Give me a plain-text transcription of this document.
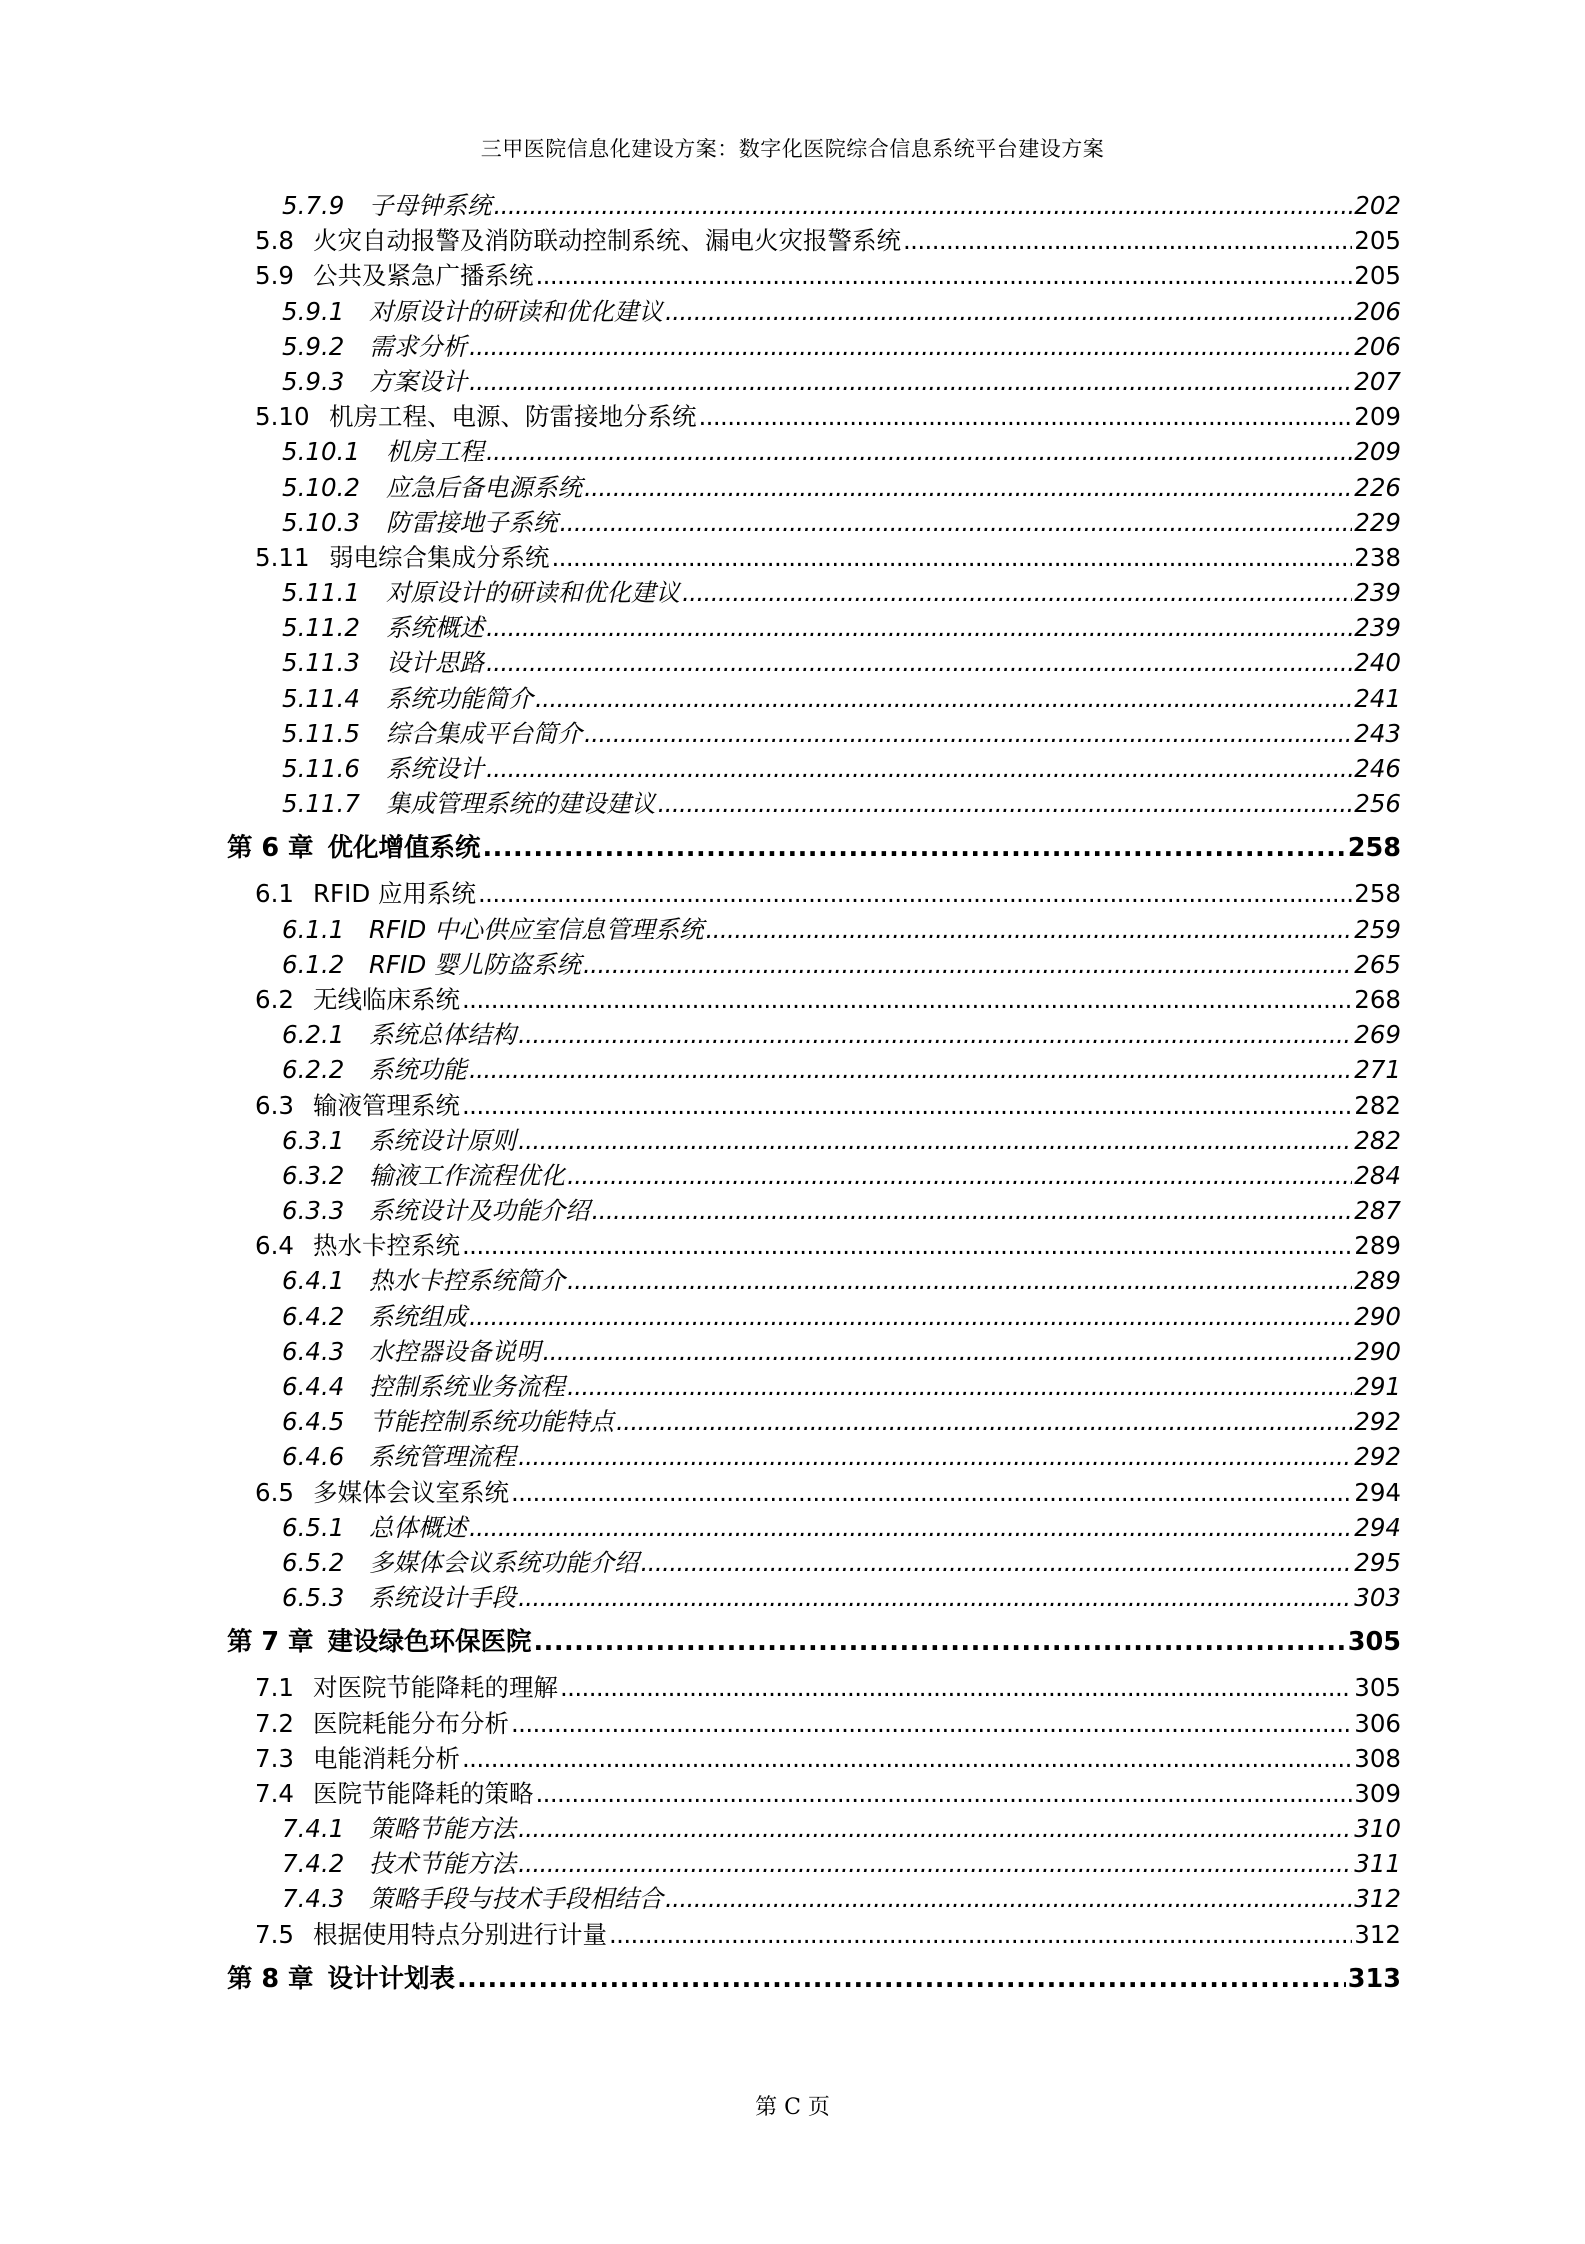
三甲医院信息化建设方案：数字化医院综合信息系统平台建设方案
5.7.9	子母钟系统 . . .	202
5.8 火灾自动报警及消防联动控制系统、漏电火灾报警系统 . . .	205
5.9 公共及紧急广播系统 . . .	205
5.9.1	对原设计的研读和优化建议 . . .	206
5.9.2	需求分析 . . .	206
5.9.3	方案设计 . . .	207
5.10 机房工程、电源、防雷接地分系统 . . .	209
5.10.1	机房工程 . . .	209
5.10.2	应急后备电源系统 . . .	226
5.10.3	防雷接地子系统 . . .	229
5.11 弱电综合集成分系统 . . .	238
5.11.1	对原设计的研读和优化建议 . . .	239
5.11.2	系统概述 . . .	239
5.11.3	设计思路 . . .	240
5.11.4	系统功能简介 . . .	241
5.11.5	综合集成平台简介 . . .	243
5.11.6	系统设计 . . .	246
5.11.7	集成管理系统的建设建议 . . .	256
第 6 章 优化增值系统 . . .	258
6.1 RFID 应用系统 . . .	258
6.1.1	RFID 中心供应室信息管理系统 . . .	259
6.1.2	RFID 婴儿防盗系统 . . .	265
6.2 无线临床系统 . . .	268
6.2.1	系统总体结构 . . .	269
6.2.2	系统功能 . . .	271
6.3 输液管理系统 . . .	282
6.3.1	系统设计原则 . . .	282
6.3.2	输液工作流程优化 . . .	284
6.3.3	系统设计及功能介绍 . . .	287
6.4 热水卡控系统 . . .	289
6.4.1	热水卡控系统简介 . . .	289
6.4.2	系统组成 . . .	290
6.4.3	水控器设备说明 . . .	290
6.4.4	控制系统业务流程 . . .	291
6.4.5	节能控制系统功能特点 . . .	292
6.4.6	系统管理流程 . . .	292
6.5 多媒体会议室系统 . . .	294
6.5.1	总体概述 . . .	294
6.5.2	多媒体会议系统功能介绍 . . .	295
6.5.3	系统设计手段 . . .	303
第 7 章 建设绿色环保医院 . . .	305
7.1 对医院节能降耗的理解 . . .	305
7.2 医院耗能分布分析 . . .	306
7.3 电能消耗分析 . . .	308
7.4 医院节能降耗的策略 . . .	309
7.4.1	策略节能方法 . . .	310
7.4.2	技术节能方法 . . .	311
7.4.3	策略手段与技术手段相结合 . . .	312
7.5 根据使用特点分别进行计量 . . .	312
第 8 章 设计计划表 . . .	313
第 C 页
